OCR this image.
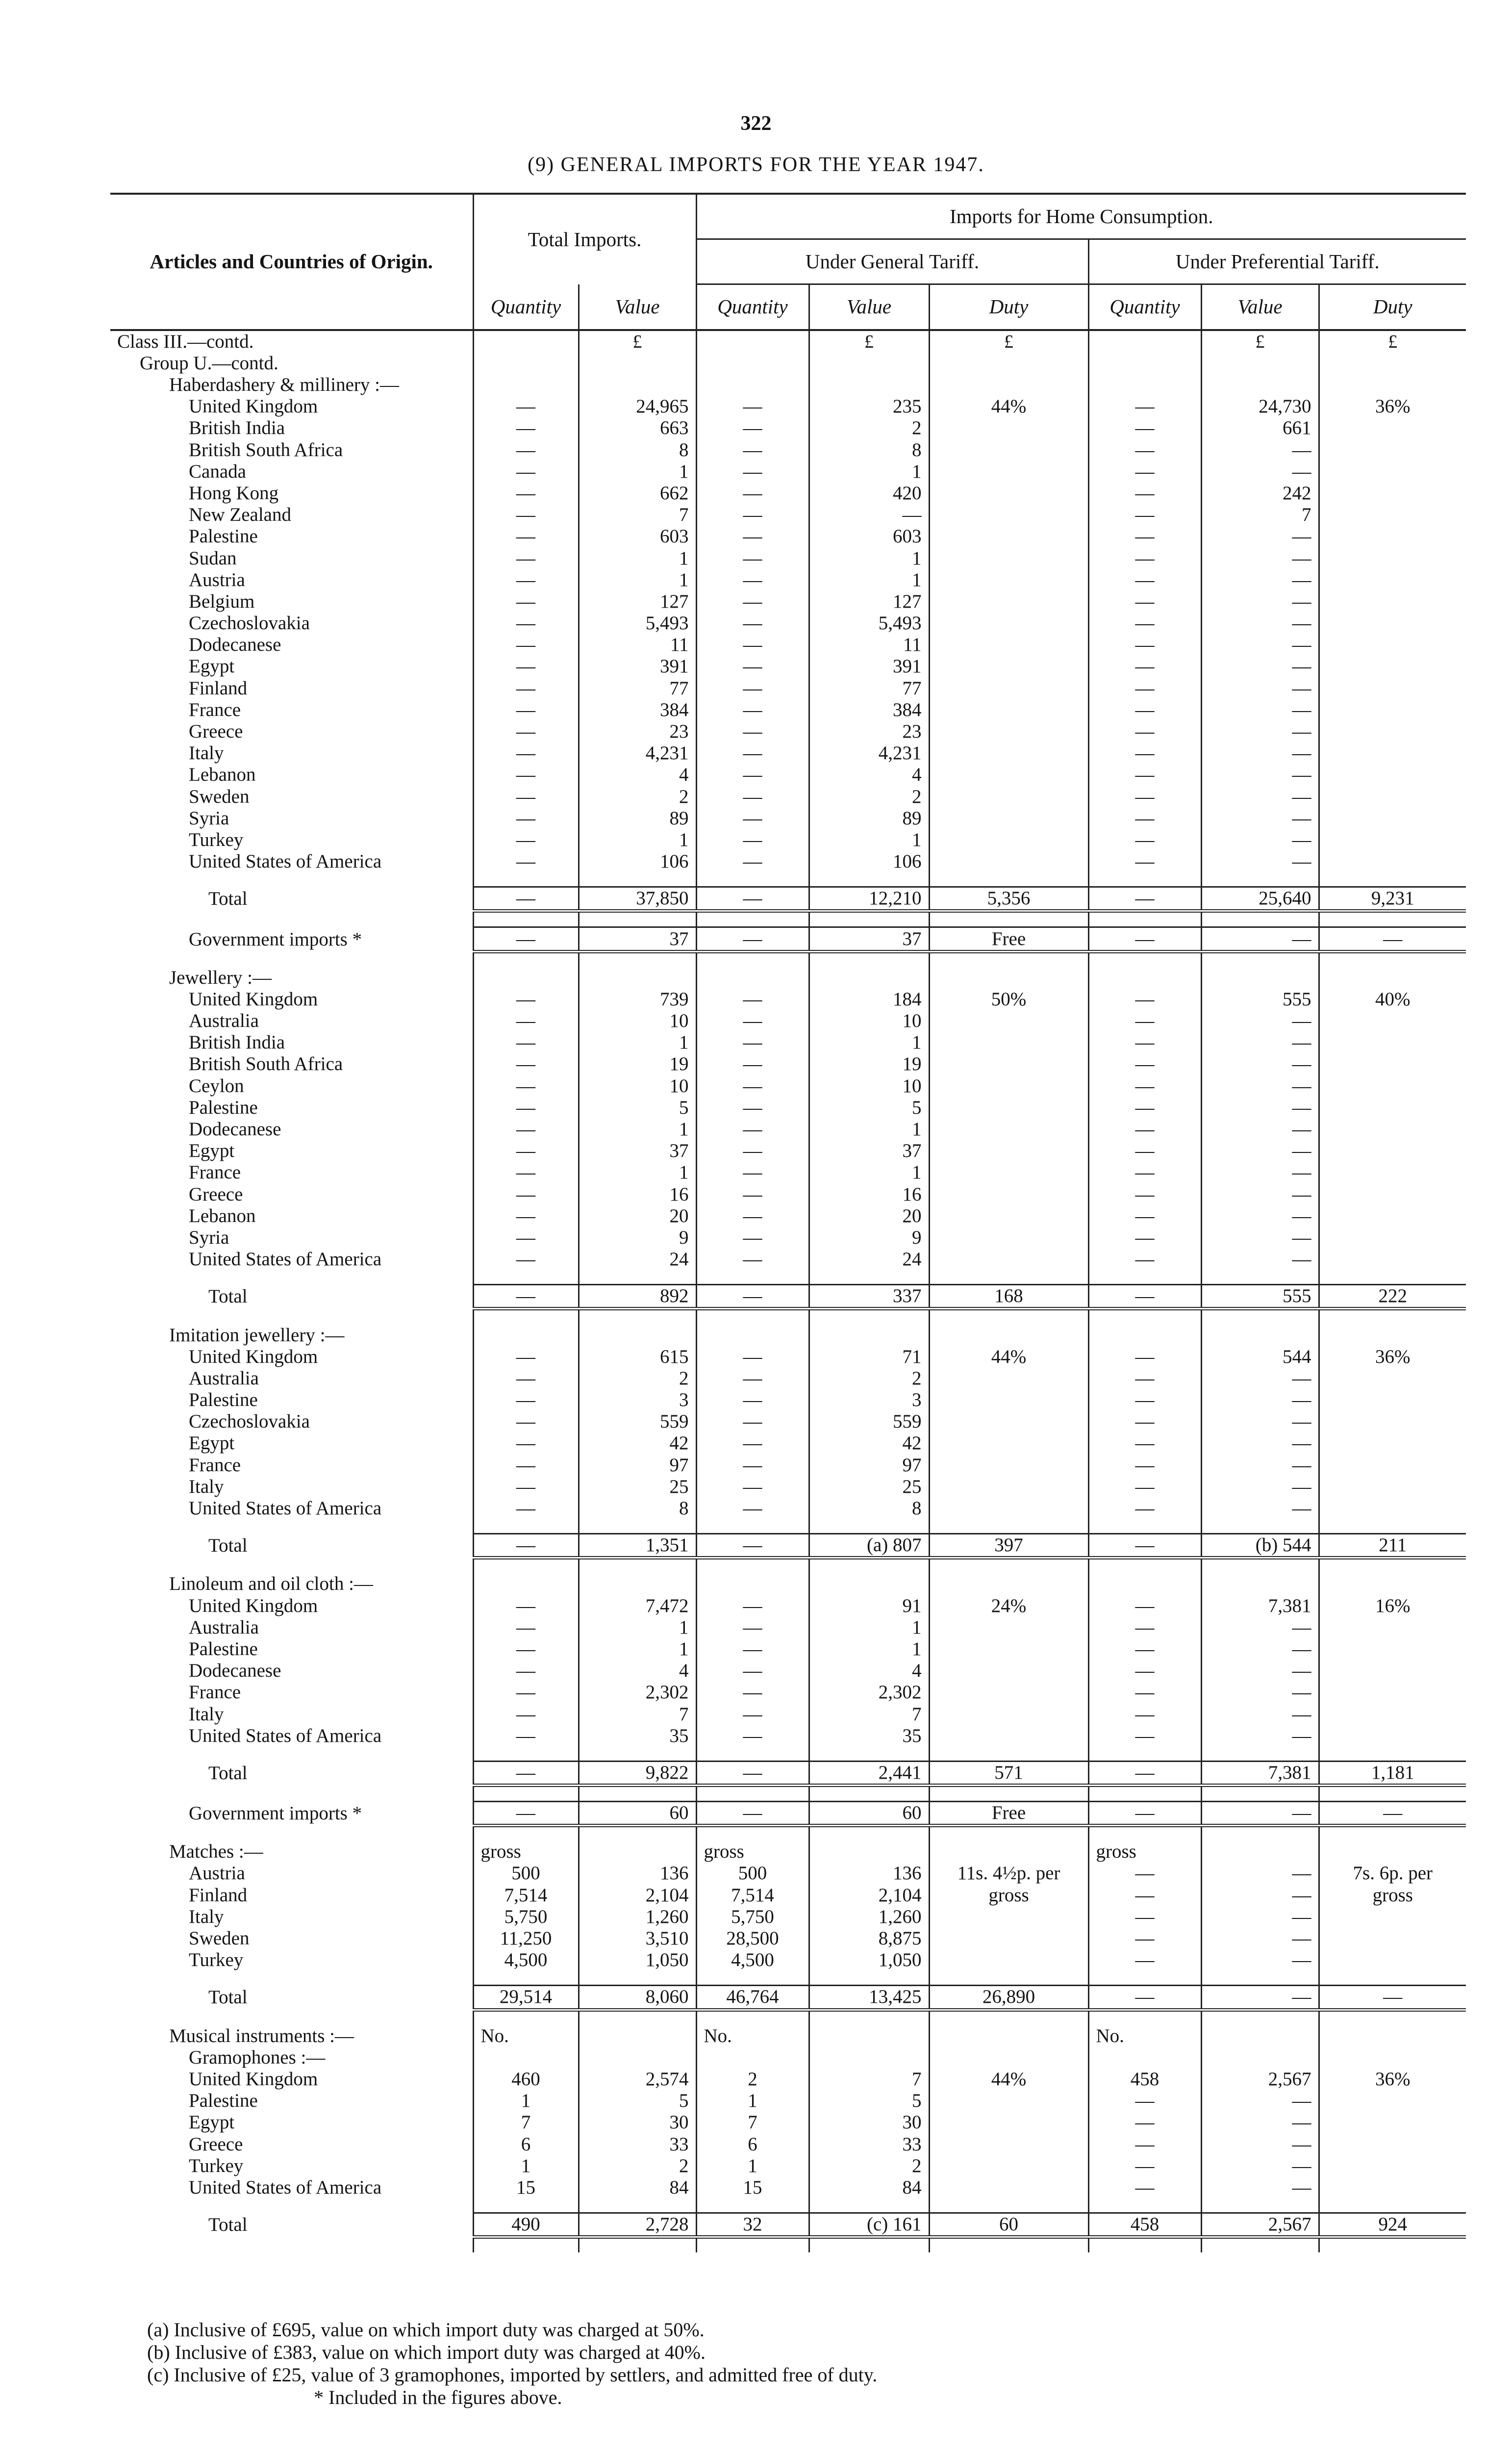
322
(9) GENERAL IMPORTS FOR THE YEAR 1947.
Articles and Countries of Origin.	Total Imports.		Imports for Home Consumption.					
			Under General Tariff.			Under Preferential Tariff.		
	Quantity	Value	Quantity	Value	Duty	Quantity	Value	Duty
Class III.—contd.		£		£	£		£	£
Group U.—contd.								
Haberdashery & millinery :—								
United Kingdom	—	24,965	—	235	44%	—	24,730	36%
British India	—	663	—	2		—	661	
British South Africa	—	8	—	8		—	—	
Canada	—	1	—	1		—	—	
Hong Kong	—	662	—	420		—	242	
New Zealand	—	7	—	—		—	7	
Palestine	—	603	—	603		—	—	
Sudan	—	1	—	1		—	—	
Austria	—	1	—	1		—	—	
Belgium	—	127	—	127		—	—	
Czechoslovakia	—	5,493	—	5,493		—	—	
Dodecanese	—	11	—	11		—	—	
Egypt	—	391	—	391		—	—	
Finland	—	77	—	77		—	—	
France	—	384	—	384		—	—	
Greece	—	23	—	23		—	—	
Italy	—	4,231	—	4,231		—	—	
Lebanon	—	4	—	4		—	—	
Sweden	—	2	—	2		—	—	
Syria	—	89	—	89		—	—	
Turkey	—	1	—	1		—	—	
United States of America	—	106	—	106		—	—	

Total	—	37,850	—	12,210	5,356	—	25,640	9,231

Government imports *	—	37	—	37	Free	—	—	—

Jewellery :—								
United Kingdom	—	739	—	184	50%	—	555	40%
Australia	—	10	—	10		—	—	
British India	—	1	—	1		—	—	
British South Africa	—	19	—	19		—	—	
Ceylon	—	10	—	10		—	—	
Palestine	—	5	—	5		—	—	
Dodecanese	—	1	—	1		—	—	
Egypt	—	37	—	37		—	—	
France	—	1	—	1		—	—	
Greece	—	16	—	16		—	—	
Lebanon	—	20	—	20		—	—	
Syria	—	9	—	9		—	—	
United States of America	—	24	—	24		—	—	

Total	—	892	—	337	168	—	555	222

Imitation jewellery :—								
United Kingdom	—	615	—	71	44%	—	544	36%
Australia	—	2	—	2		—	—	
Palestine	—	3	—	3		—	—	
Czechoslovakia	—	559	—	559		—	—	
Egypt	—	42	—	42		—	—	
France	—	97	—	97		—	—	
Italy	—	25	—	25		—	—	
United States of America	—	8	—	8		—	—	

Total	—	1,351	—	(a) 807	397	—	(b) 544	211

Linoleum and oil cloth :—								
United Kingdom	—	7,472	—	91	24%	—	7,381	16%
Australia	—	1	—	1		—	—	
Palestine	—	1	—	1		—	—	
Dodecanese	—	4	—	4		—	—	
France	—	2,302	—	2,302		—	—	
Italy	—	7	—	7		—	—	
United States of America	—	35	—	35		—	—	

Total	—	9,822	—	2,441	571	—	7,381	1,181

Government imports *	—	60	—	60	Free	—	—	—

Matches :—	gross		gross			gross		
Austria	500	136	500	136	11s. 4½p. per	—	—	7s. 6p. per
Finland	7,514	2,104	7,514	2,104	gross	—	—	gross
Italy	5,750	1,260	5,750	1,260		—	—	
Sweden	11,250	3,510	28,500	8,875		—	—	
Turkey	4,500	1,050	4,500	1,050		—	—	

Total	29,514	8,060	46,764	13,425	26,890	—	—	—

Musical instruments :—	No.		No.			No.		
Gramophones :—								
United Kingdom	460	2,574	2	7	44%	458	2,567	36%
Palestine	1	5	1	5		—	—	
Egypt	7	30	7	30		—	—	
Greece	6	33	6	33		—	—	
Turkey	1	2	1	2		—	—	
United States of America	15	84	15	84		—	—	

Total	490	2,728	32	(c) 161	60	458	2,567	924

(a) Inclusive of £695, value on which import duty was charged at 50%.
(b) Inclusive of £383, value on which import duty was charged at 40%.
(c) Inclusive of £25, value of 3 gramophones, imported by settlers, and admitted free of duty.
* Included in the figures above.
